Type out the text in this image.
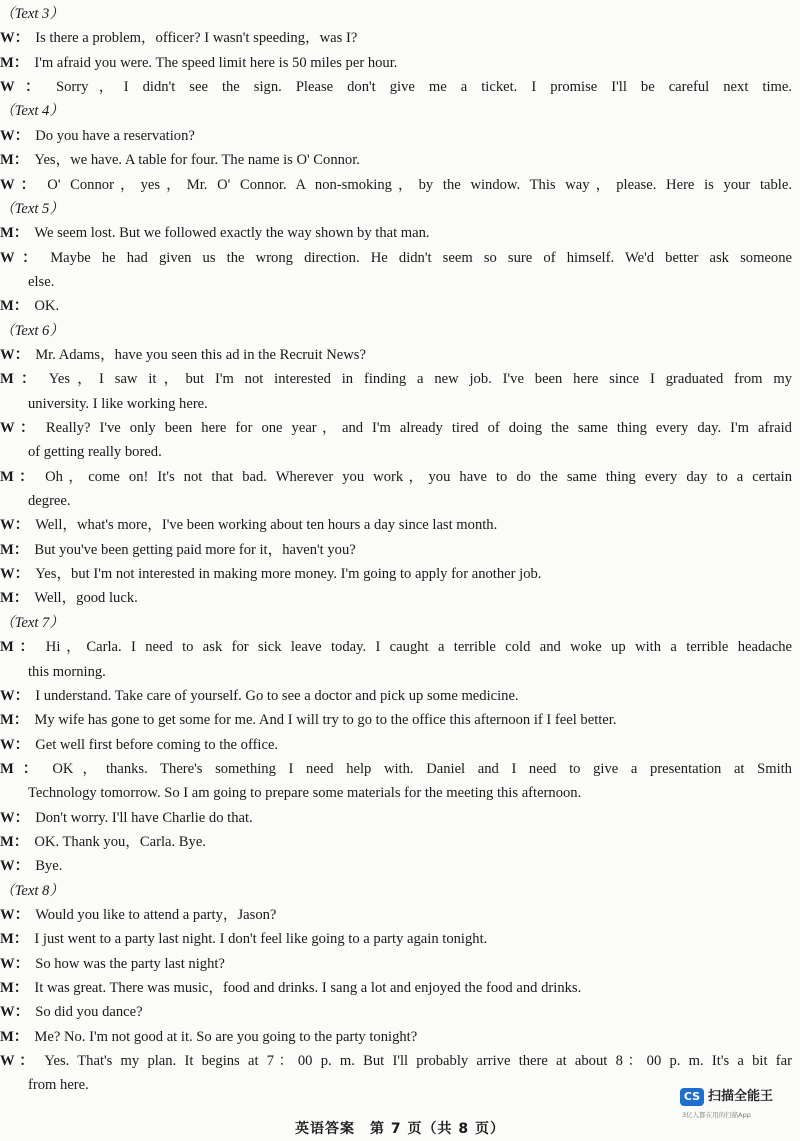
（Text 3）
W： Is there a problem，officer? I wasn't speeding，was I?
M： I'm afraid you were. The speed limit here is 50 miles per hour.
W： Sorry，I didn't see the sign. Please don't give me a ticket. I promise I'll be careful next time.
（Text 4）
W： Do you have a reservation?
M： Yes，we have. A table for four. The name is O' Connor.
W： O' Connor，yes，Mr. O' Connor. A non-smoking，by the window. This way，please. Here is your table.
（Text 5）
M： We seem lost. But we followed exactly the way shown by that man.
W： Maybe he had given us the wrong direction. He didn't seem so sure of himself. We'd better ask someone
else.
M： OK.
（Text 6）
W： Mr. Adams，have you seen this ad in the Recruit News?
M： Yes，I saw it，but I'm not interested in finding a new job. I've been here since I graduated from my
university. I like working here.
W： Really? I've only been here for one year，and I'm already tired of doing the same thing every day. I'm afraid
of getting really bored.
M： Oh，come on! It's not that bad. Wherever you work，you have to do the same thing every day to a certain
degree.
W： Well，what's more，I've been working about ten hours a day since last month.
M： But you've been getting paid more for it，haven't you?
W： Yes，but I'm not interested in making more money. I'm going to apply for another job.
M： Well，good luck.
（Text 7）
M： Hi，Carla. I need to ask for sick leave today. I caught a terrible cold and woke up with a terrible headache
this morning.
W： I understand. Take care of yourself. Go to see a doctor and pick up some medicine.
M： My wife has gone to get some for me. And I will try to go to the office this afternoon if I feel better.
W： Get well first before coming to the office.
M： OK，thanks. There's something I need help with. Daniel and I need to give a presentation at Smith
Technology tomorrow. So I am going to prepare some materials for the meeting this afternoon.
W： Don't worry. I'll have Charlie do that.
M： OK. Thank you，Carla. Bye.
W： Bye.
（Text 8）
W： Would you like to attend a party，Jason?
M： I just went to a party last night. I don't feel like going to a party again tonight.
W： So how was the party last night?
M： It was great. There was music，food and drinks. I sang a lot and enjoyed the food and drinks.
W： So did you dance?
M： Me? No. I'm not good at it. So are you going to the party tonight?
W： Yes. That's my plan. It begins at 7：00 p. m. But I'll probably arrive there at about 8：00 p. m. It's a bit far
from here.
英语答案　第 7 页（共 8 页）
CS 扫描全能王
3亿人都在用的扫描App
